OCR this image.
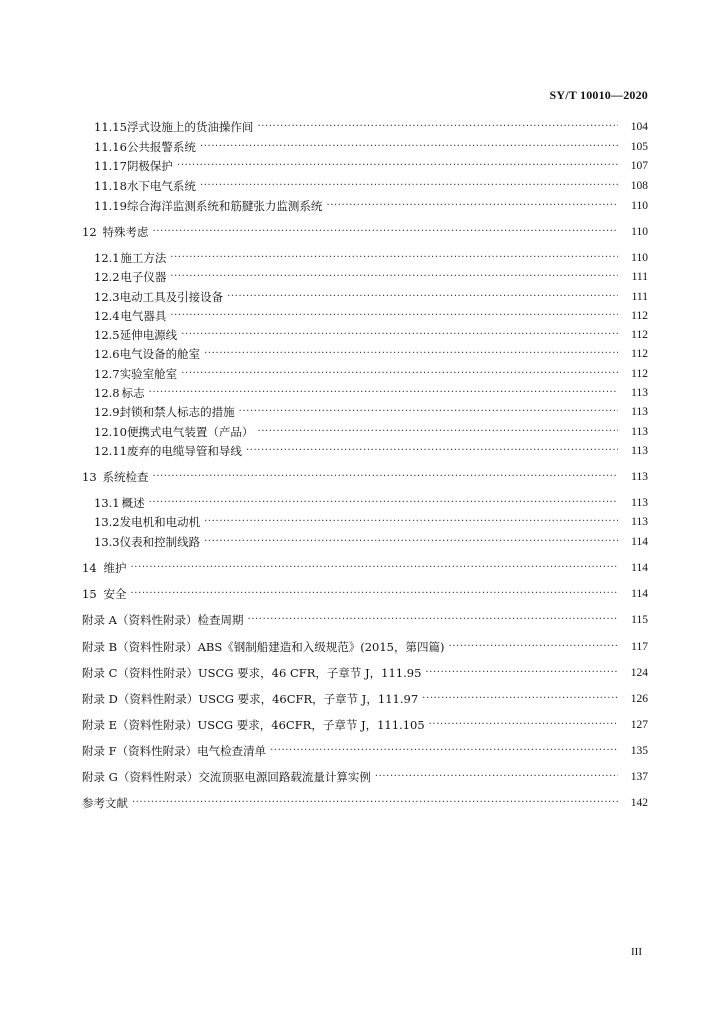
SY/T 10010—2020
11.15 浮式设施上的货油操作间 ·····	104
11.16 公共报警系统 ·····	105
11.17 阴极保护 ·····	107
11.18 水下电气系统 ·····	108
11.19 综合海洋监测系统和筋腱张力监测系统 ·····	110
12 特殊考虑 ·····	110
12.1 施工方法 ·····	110
12.2 电子仪器 ·····	111
12.3 电动工具及引接设备 ·····	111
12.4 电气器具 ·····	112
12.5 延伸电源线 ·····	112
12.6 电气设备的舱室 ·····	112
12.7 实验室舱室 ·····	112
12.8 标志 ·····	113
12.9 封锁和禁人标志的措施 ·····	113
12.10 便携式电气装置（产品） ·····	113
12.11 废弃的电缆导管和导线 ·····	113
13 系统检查 ·····	113
13.1 概述 ·····	113
13.2 发电机和电动机 ·····	113
13.3 仪表和控制线路 ·····	114
14 维护 ·····	114
15 安全 ·····	114
附录 A（资料性附录）检查周期 ·····	115
附录 B（资料性附录）ABS《钢制船建造和入级规范》(2015，第四篇) ·····	117
附录 C（资料性附录）USCG 要求，46 CFR，子章节 J，111.95 ·····	124
附录 D（资料性附录）USCG 要求，46CFR，子章节 J，111.97 ·····	126
附录 E（资料性附录）USCG 要求，46CFR，子章节 J，111.105 ·····	127
附录 F（资料性附录）电气检查清单 ·····	135
附录 G（资料性附录）交流顶驱电源回路载流量计算实例 ·····	137
参考文献 ·····	142
III
